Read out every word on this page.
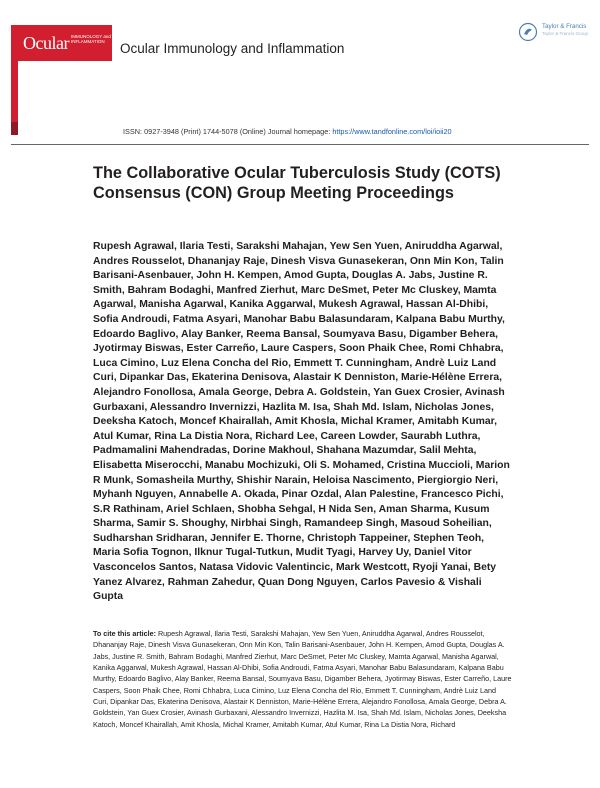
Ocular IMMUNOLOGY and
INFLAMMATION	Ocular Immunology and Inflammation
Taylor & Francis
Taylor & Francis Group
ISSN: 0927-3948 (Print) 1744-5078 (Online) Journal homepage: https://www.tandfonline.com/loi/ioii20
The Collaborative Ocular Tuberculosis Study (COTS) Consensus (CON) Group Meeting Proceedings

Rupesh Agrawal, Ilaria Testi, Sarakshi Mahajan, Yew Sen Yuen, Aniruddha Agarwal, Andres Rousselot, Dhananjay Raje, Dinesh Visva Gunasekeran, Onn Min Kon, Talin Barisani-Asenbauer, John H. Kempen, Amod Gupta, Douglas A. Jabs, Justine R. Smith, Bahram Bodaghi, Manfred Zierhut, Marc DeSmet, Peter Mc Cluskey, Mamta Agarwal, Manisha Agarwal, Kanika Aggarwal, Mukesh Agrawal, Hassan Al-Dhibi, Sofia Androudi, Fatma Asyari, Manohar Babu Balasundaram, Kalpana Babu Murthy, Edoardo Baglivo, Alay Banker, Reema Bansal, Soumyava Basu, Digamber Behera, Jyotirmay Biswas, Ester Carreño, Laure Caspers, Soon Phaik Chee, Romi Chhabra, Luca Cimino, Luz Elena Concha del Rio, Emmett T. Cunningham, Andrè Luiz Land Curi, Dipankar Das, Ekaterina Denisova, Alastair K Denniston, Marie-Hélène Errera, Alejandro Fonollosa, Amala George, Debra A. Goldstein, Yan Guex Crosier, Avinash Gurbaxani, Alessandro Invernizzi, Hazlita M. Isa, Shah Md. Islam, Nicholas Jones, Deeksha Katoch, Moncef Khairallah, Amit Khosla, Michal Kramer, Amitabh Kumar, Atul Kumar, Rina La Distia Nora, Richard Lee, Careen Lowder, Saurabh Luthra, Padmamalini Mahendradas, Dorine Makhoul, Shahana Mazumdar, Salil Mehta, Elisabetta Miserocchi, Manabu Mochizuki, Oli S. Mohamed, Cristina Muccioli, Marion R Munk, Somasheila Murthy, Shishir Narain, Heloisa Nascimento, Piergiorgio Neri, Myhanh Nguyen, Annabelle A. Okada, Pinar Ozdal, Alan Palestine, Francesco Pichi, S.R Rathinam, Ariel Schlaen, Shobha Sehgal, H Nida Sen, Aman Sharma, Kusum Sharma, Samir S. Shoughy, Nirbhai Singh, Ramandeep Singh, Masoud Soheilian, Sudharshan Sridharan, Jennifer E. Thorne, Christoph Tappeiner, Stephen Teoh, Maria Sofia Tognon, Ilknur Tugal-Tutkun, Mudit Tyagi, Harvey Uy, Daniel Vitor Vasconcelos Santos, Natasa Vidovic Valentincic, Mark Westcott, Ryoji Yanai, Bety Yanez Alvarez, Rahman Zahedur, Quan Dong Nguyen, Carlos Pavesio & Vishali Gupta

To cite this article: Rupesh Agrawal, Ilaria Testi, Sarakshi Mahajan, Yew Sen Yuen, Aniruddha Agarwal, Andres Rousselot, Dhananjay Raje, Dinesh Visva Gunasekeran, Onn Min Kon, Talin Barisani-Asenbauer, John H. Kempen, Amod Gupta, Douglas A. Jabs, Justine R. Smith, Bahram Bodaghi, Manfred Zierhut, Marc DeSmet, Peter Mc Cluskey, Mamta Agarwal, Manisha Agarwal, Kanika Aggarwal, Mukesh Agrawal, Hassan Al-Dhibi, Sofia Androudi, Fatma Asyari, Manohar Babu Balasundaram, Kalpana Babu Murthy, Edoardo Baglivo, Alay Banker, Reema Bansal, Soumyava Basu, Digamber Behera, Jyotirmay Biswas, Ester Carreño, Laure Caspers, Soon Phaik Chee, Romi Chhabra, Luca Cimino, Luz Elena Concha del Rio, Emmett T. Cunningham, Andrè Luiz Land Curi, Dipankar Das, Ekaterina Denisova, Alastair K Denniston, Marie-Hélène Errera, Alejandro Fonollosa, Amala George, Debra A. Goldstein, Yan Guex Crosier, Avinash Gurbaxani, Alessandro Invernizzi, Hazlita M. Isa, Shah Md. Islam, Nicholas Jones, Deeksha Katoch, Moncef Khairallah, Amit Khosla, Michal Kramer, Amitabh Kumar, Atul Kumar, Rina La Distia Nora, Richard
